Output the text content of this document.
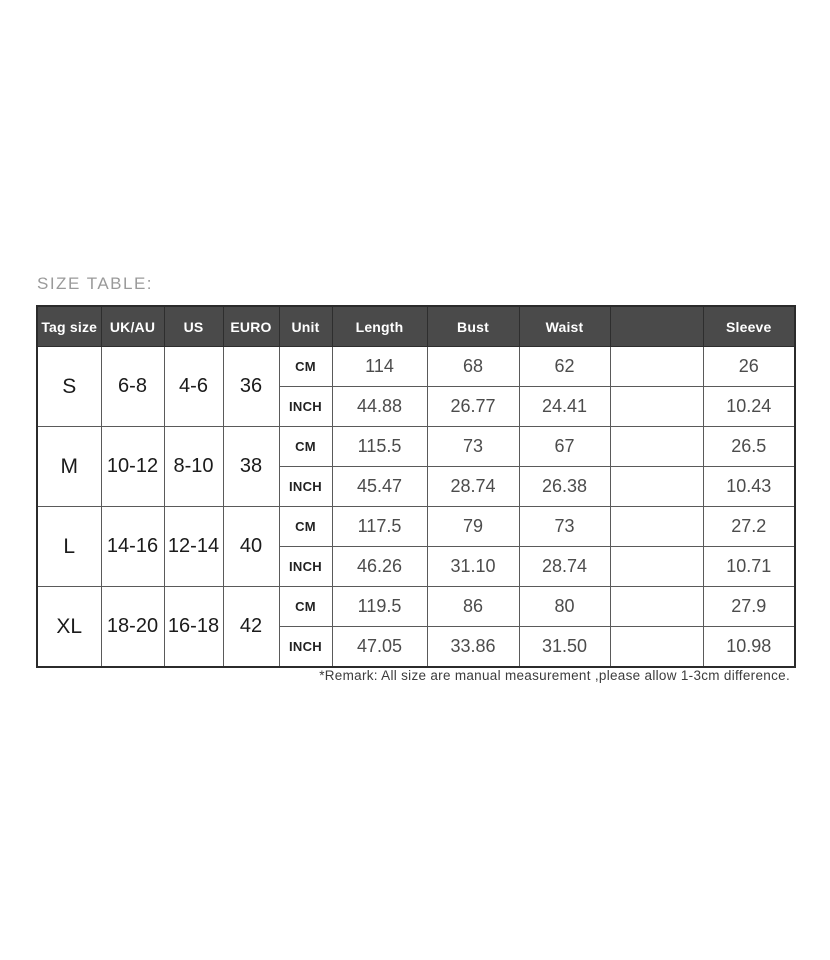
SIZE TABLE:
Tag size	UK/AU	US	EURO	Unit	Length	Bust	Waist		Sleeve
S	6-8	4-6	36	CM	114	68	62		26
				INCH	44.88	26.77	24.41		10.24
M	10-12	8-10	38	CM	115.5	73	67		26.5
				INCH	45.47	28.74	26.38		10.43
L	14-16	12-14	40	CM	117.5	79	73		27.2
				INCH	46.26	31.10	28.74		10.71
XL	18-20	16-18	42	CM	119.5	86	80		27.9
				INCH	47.05	33.86	31.50		10.98
*Remark: All size are manual measurement ,please allow 1-3cm difference.
